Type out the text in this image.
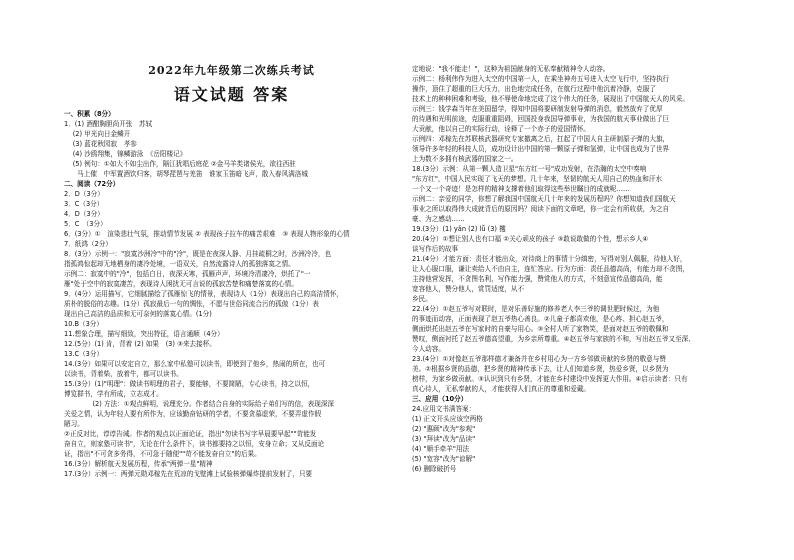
2022年九年级第二次练兵考试
语文试题 答案
一、积累（8分）
1．(1) 酒酣胸胆尚开张　苏轼
　 (2) 甲光向日金鳞开
　 (3) 蓝花秋园寂　孝参
　 (4) 沙鸥翔集，锦鳞游泳　《岳阳楼记》
　 (5) 例句：①如大不如尘出作，隔江犹唱后庭花 ②金马羊类诸侯光，欲往西驻
　　马上催　中军置酒饮归客，胡琴琵琶与羌笛　谁家玉笛暗飞声，散入春风满洛城
二、阅读（72分）
2．D（3分）
3．C（3分）
4．D（3分）
5．C　（3分）
6．(3分）①　渲染悲壮气氛，推动情节发展 ② 表现孩子拉车的痛苦艰难　③ 表现人物形象的心情
7．纸鸿（2分）
8．(3分）示例一："寂寞沙洲冷"中的"冷"，既是在夜深人静、月挂疏桐之时，沙洲冷冷，也
指孤鸿惊起却无地栖身的凄冷处境，一语双关，自然流露诗人的孤独落寞之情。
示例二：寂寞中的"冷"，包括白日，夜深天寒，孤雁声声，环境冷清凄冷，烘托了"一
雁"处于空中的寂寞凄苦，表现诗人困扰无可言说的孤寂苦楚和痛楚落寞的心情。
9．(4分）运用描写，它细腻描绘了孤雁惊飞的情景，表现诗人（1分）表现出自己的高洁情怀，
质朴的脱俗的志趣。(1分）孤寂最后一句的惆怅，不愿与世俗同流合污的孤傲（1分）表
现出自己高洁的品质和无可奈何的落寞心情。(1分)
10.B（3分）
11.想象合理，描写细致，突出特征，语言通顺（4分）
12.(5分）(1) 肯，背着 (2) 如果　(3) ③来去接杯。
13.C（3分）
14.(3分）如果可以安定自立，那么家中私塾可以读书，即使到了他乡，热闹的所在，也可
以读书，背着柴，放着牛，都可以读书。
15.(3分）(1)"明理"：做读书明理的君子，要能够，不要简陋，专心读书，持之以恒，
博览群书，学有所成，立志成才。
　　　　 (2) 方法：①观点鲜明，说理充分。作者结合自身的实际给子弟们写的信，表现深深
关爱之情，认为年轻人要有所作为，应该勤奋钻研的学者，不要贪慕虚荣，不要弄虚作假
陋习。
②正反对比，谆谆告诫。作者的观点以正面论证，指出"勿读书写字早晨要早起""苛能发
奋自立，则家塾可读书"，无论在什么条件下，读书都要持之以恒，安身立命；又从反面论
证，指出"不可贪多务得，不可急于随便""苛不能发奋自立"的后果。
16.(3分）解析航天发展历程，传承"两弹一星"精神
17.(3分）示例一：两弹元勋邓稼先在荒凉的戈壁滩上试验核弹爆炸提前发射了，只要
定地说："我不能走！"，这种为祖国献身的无私奉献精神令人动容。
示例二：杨利伟作为进入太空的中国第一人，在乘坐神舟五号进入太空飞行中，坚持执行
操作，顶住了超重的巨大压力，出色地完成任务，在航行过程中他沉着冷静，克服了
技术上的种种困难和考验，他不辱使命地完成了这个伟大的任务，展现出了中国航天人的风采。
示例三：钱学森当年在美国留学，得知中国将要研制发射导弹的消息，毅然放弃了优厚
的待遇和光明前途，克服重重阻碍，回国投身我国导弹事业，为我国的航天事业做出了巨
大贡献，他以自己的实际行动，诠释了一个赤子的爱国情怀。
示例四：邓稼先在苏联核武器研究专家撤离之后，扛起了中国人自主研制原子弹的大旗，
领导许多年轻的科技人员，成功设计出中国的第一颗原子弹和氢弹，让中国也成为了世界
上为数不多拥有核武器的国家之一。
18.(3分）示例：从第一颗人造卫星"东方红一号"成功发射，在浩瀚的太空中奏响
"东方红"，中国人民实现了飞天的梦想。几十年来，坚韧的航天人用自己的热血和汗水
一个又一个奇迹！是怎样的精神支撑着他们取得这些举世瞩目的成就呢……
示例二：亲爱的同学，你想了解我国中国航天几十年来的发展历程吗？你想知道我们国航天
事业之所以取得伟大成就背后的原因吗？阅读下面的文章吧，你一定会有所收获，为之自
豪、为之感动……
19.(3分）(1) yǎn (2) lǚ (3) 攫
20.(4分）①想让别人也有口福 ②关心顽皮的孩子 ③敢说敢做的个性，想示乡人④
谈写作后的故事
21.(4分）才能方面：责任才能出众，对待商上的事情十分缜密，写得对别人佩服，待他人好，
让人心服口服，谦让卖给人不由自主，连忙答应。行为方面：责任品德高尚，有能力却不贪图，
主持他营发挥，不贪图名利，写作能力强，赞赏他人的方式，不刻意宣传品德高尚，能
宽容他人，赞分他人，赏罚适度，从不
乡民。
22.(4分）①赵五爷写对联时，是对乐善好施的修养老人李三爷的调世肥时候过，为他
的事迹而动容，正面表现了赵五爷热心善良。②儿童子都喜欢他，是心疼、担心赵五爷，
侧面烘托出赵五爷在写家时的自豪与用心。③全村人听了家物笑，是面对赵五爷的敬佩和
赞叹，侧面衬托了赵五爷德高望重，为乡亲所尊重。④赵五爷与家族的不和，写出赵五爷又至深、
今人动容。
23.(4分）①对像赵五爷那样德才兼备并在乡村用心为一方乡邻做贡献的乡贤的敬意与赞
美。②根据乡贤的品德，把乡贤的精神传承下去，让人们知道乡贤，热爱乡贤，以乡贤为
榜样，为家乡做贡献。③认识到只有乡贤，才能在乡村建设中发挥更大作用。④启示读者：只有
真心待人，无私奉献的人，才能获得人们真正的尊重和爱戴。
三、应用（10分）
24.应用文书满答案：
(1) 正文开头应该空两格
(2) "惠顾"改为"参观"
(3) "拜读"改为"品读"
(4) "顺手牵羊"用法
(5) "宽容"改为"谅解"
(6) 删除破折号
